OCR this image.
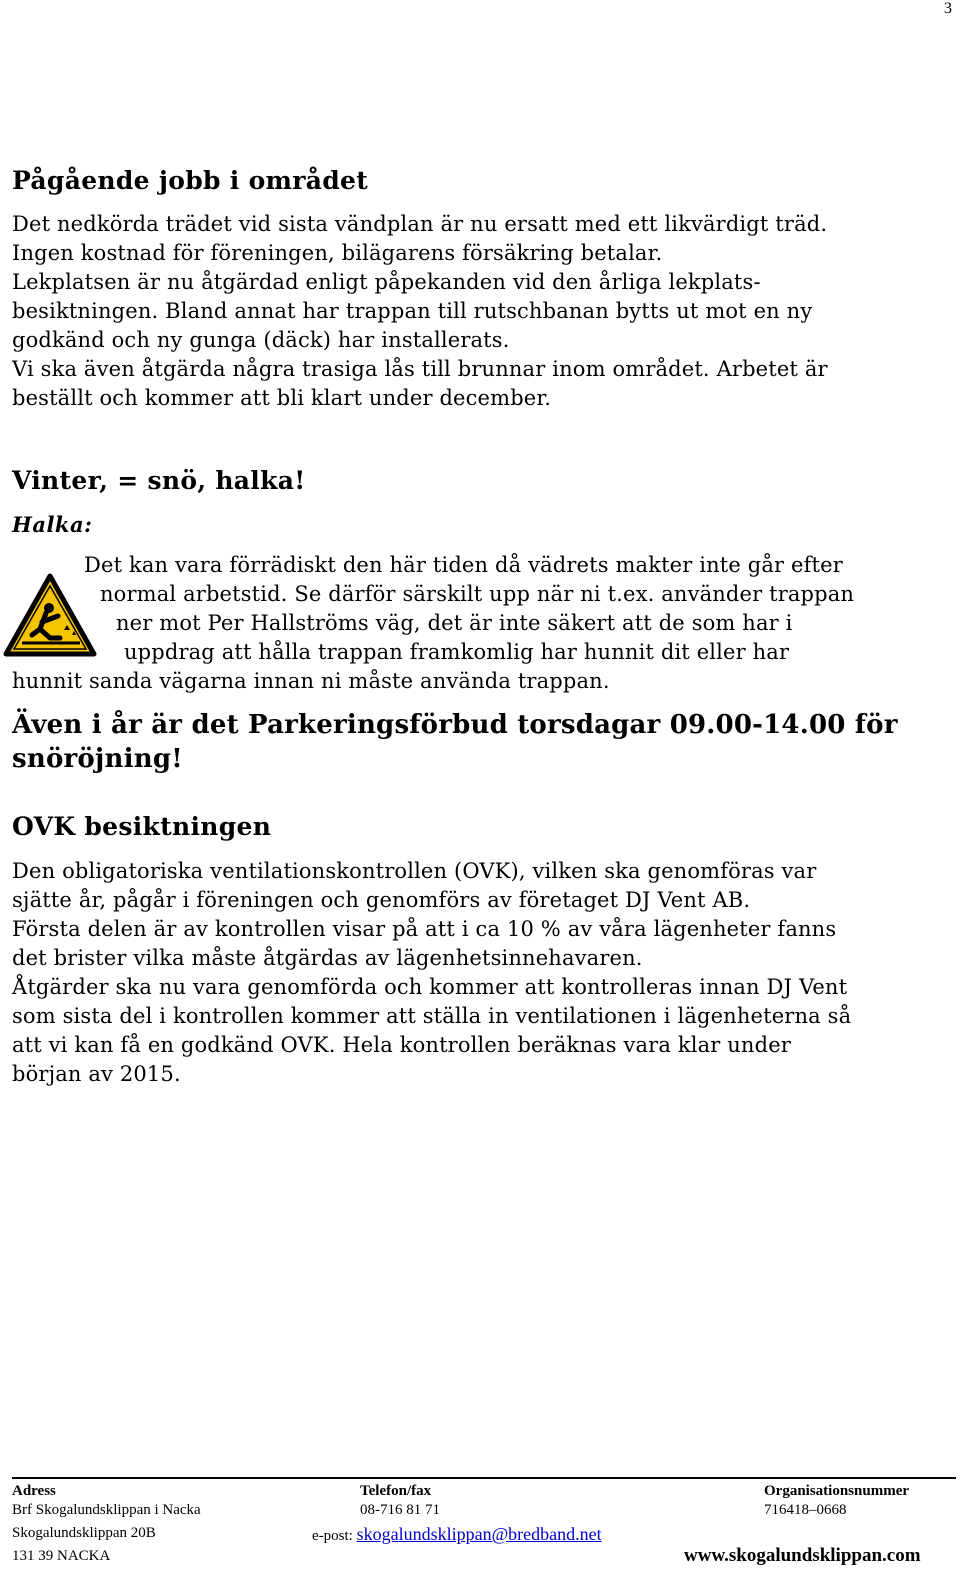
3
Pågående jobb i området
Det nedkörda trädet vid sista vändplan är nu ersatt med ett likvärdigt träd.
Ingen kostnad för föreningen, bilägarens försäkring betalar.
Lekplatsen är nu åtgärdad enligt påpekanden vid den årliga lekplats-
besiktningen. Bland annat har trappan till rutschbanan bytts ut mot en ny
godkänd och ny gunga (däck) har installerats.
Vi ska även åtgärda några trasiga lås till brunnar inom området. Arbetet är
beställt och kommer att bli klart under december.
Vinter, = snö, halka!
Halka:
Det kan vara förrädiskt den här tiden då vädrets makter inte går efter
normal arbetstid. Se därför särskilt upp när ni t.ex. använder trappan
ner mot Per Hallströms väg, det är inte säkert att de som har i
uppdrag att hålla trappan framkomlig har hunnit dit eller har
hunnit sanda vägarna innan ni måste använda trappan.
Även i år är det Parkeringsförbud torsdagar 09.00-14.00 för
snöröjning!
OVK besiktningen
Den obligatoriska ventilationskontrollen (OVK), vilken ska genomföras var
sjätte år, pågår i föreningen och genomförs av företaget DJ Vent AB.
Första delen är av kontrollen visar på att i ca 10 % av våra lägenheter fanns
det brister vilka måste åtgärdas av lägenhetsinnehavaren.
Åtgärder ska nu vara genomförda och kommer att kontrolleras innan DJ Vent
som sista del i kontrollen kommer att ställa in ventilationen i lägenheterna så
att vi kan få en godkänd OVK. Hela kontrollen beräknas vara klar under
början av 2015.
Adress
Brf Skogalundsklippan i Nacka
Skogalundsklippan 20B
131 39 NACKA
Telefon/fax
08-716 81 71
e-post: skogalundsklippan@bredband.net
Organisationsnummer
716418–0668
www.skogalundsklippan.com
